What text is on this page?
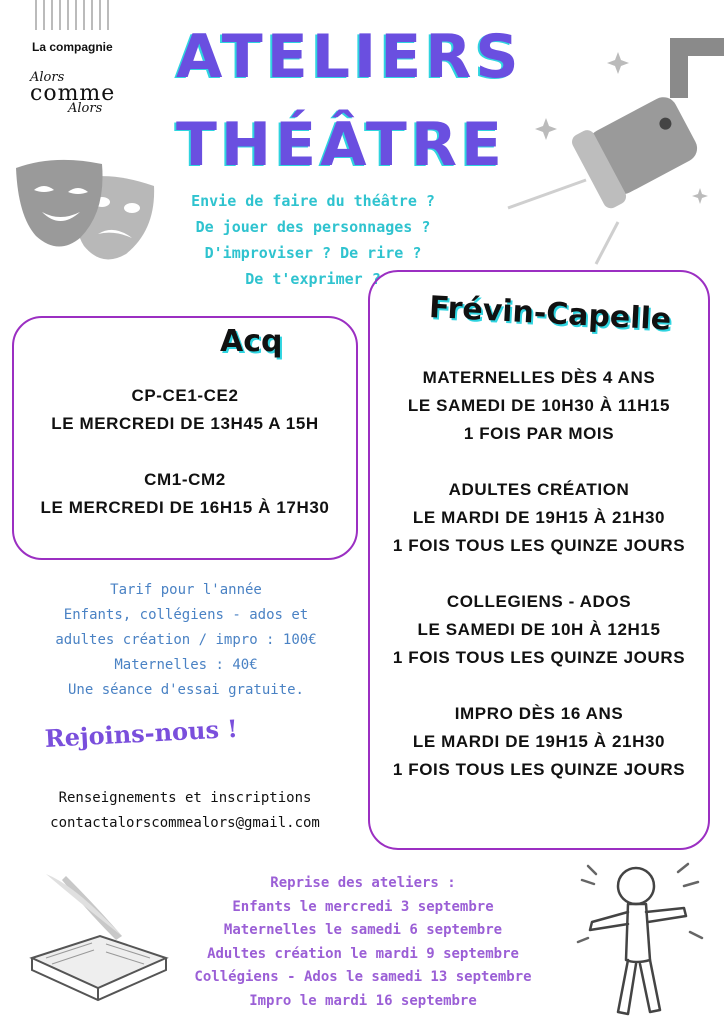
La compagnie
Alors
comme
Alors
ATELIERS
THÉÂTRE
Envie de faire du théâtre ?
De jouer des personnages ?
D'improviser ? De rire ?
De t'exprimer ?
Acq
Frévin-Capelle
CP-CE1-CE2
LE MERCREDI DE 13H45 A 15H
CM1-CM2
LE MERCREDI DE 16H15 À 17H30
MATERNELLES DÈS 4 ANS
LE SAMEDI DE 10H30 À 11H15
1 FOIS PAR MOIS
ADULTES CRÉATION
LE MARDI DE 19H15 À 21H30
1 FOIS TOUS LES QUINZE JOURS
COLLEGIENS - ADOS
LE SAMEDI DE 10H À 12H15
1 FOIS TOUS LES QUINZE JOURS
IMPRO DÈS 16 ANS
LE MARDI DE 19H15 À 21H30
1 FOIS TOUS LES QUINZE JOURS
Tarif pour l'année
Enfants, collégiens - ados et
adultes création / impro : 100€
Maternelles : 40€
Une séance d'essai gratuite.
Rejoins-nous !
Renseignements et inscriptions
contactalorscommealors@gmail.com
Reprise des ateliers :
Enfants le mercredi 3 septembre
Maternelles le samedi 6 septembre
Adultes création le mardi 9 septembre
Collégiens - Ados le samedi 13 septembre
Impro le mardi 16 septembre
